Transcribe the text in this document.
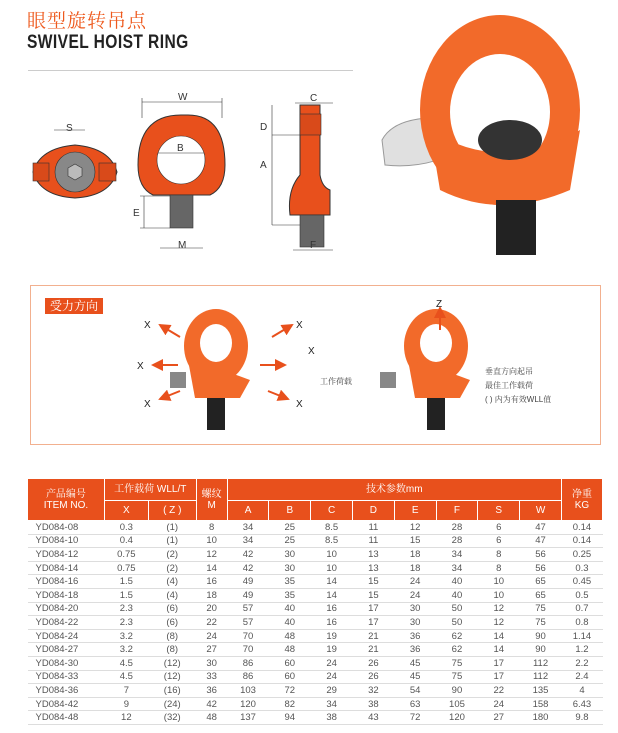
眼型旋转吊点
SWIVEL HOIST RING
S
W
B
E
M
C
D
A
F
受力方向
X	X
X
X
X	X
Z
工作荷载
垂直方向起吊
最佳工作载荷
( ) 内为有效WLL值
产品编号
ITEM NO.	工作载荷 WLL/T		螺纹
M	技术参数mm								净重
KG
	X	( Z )		A	B	C	D	E	F	S	W	
YD084-08	0.3	(1)	8	34	25	8.5	11	12	28	6	47	0.14
YD084-10	0.4	(1)	10	34	25	8.5	11	15	28	6	47	0.14
YD084-12	0.75	(2)	12	42	30	10	13	18	34	8	56	0.25
YD084-14	0.75	(2)	14	42	30	10	13	18	34	8	56	0.3
YD084-16	1.5	(4)	16	49	35	14	15	24	40	10	65	0.45
YD084-18	1.5	(4)	18	49	35	14	15	24	40	10	65	0.5
YD084-20	2.3	(6)	20	57	40	16	17	30	50	12	75	0.7
YD084-22	2.3	(6)	22	57	40	16	17	30	50	12	75	0.8
YD084-24	3.2	(8)	24	70	48	19	21	36	62	14	90	1.14
YD084-27	3.2	(8)	27	70	48	19	21	36	62	14	90	1.2
YD084-30	4.5	(12)	30	86	60	24	26	45	75	17	112	2.2
YD084-33	4.5	(12)	33	86	60	24	26	45	75	17	112	2.4
YD084-36	7	(16)	36	103	72	29	32	54	90	22	135	4
YD084-42	9	(24)	42	120	82	34	38	63	105	24	158	6.43
YD084-48	12	(32)	48	137	94	38	43	72	120	27	180	9.8
